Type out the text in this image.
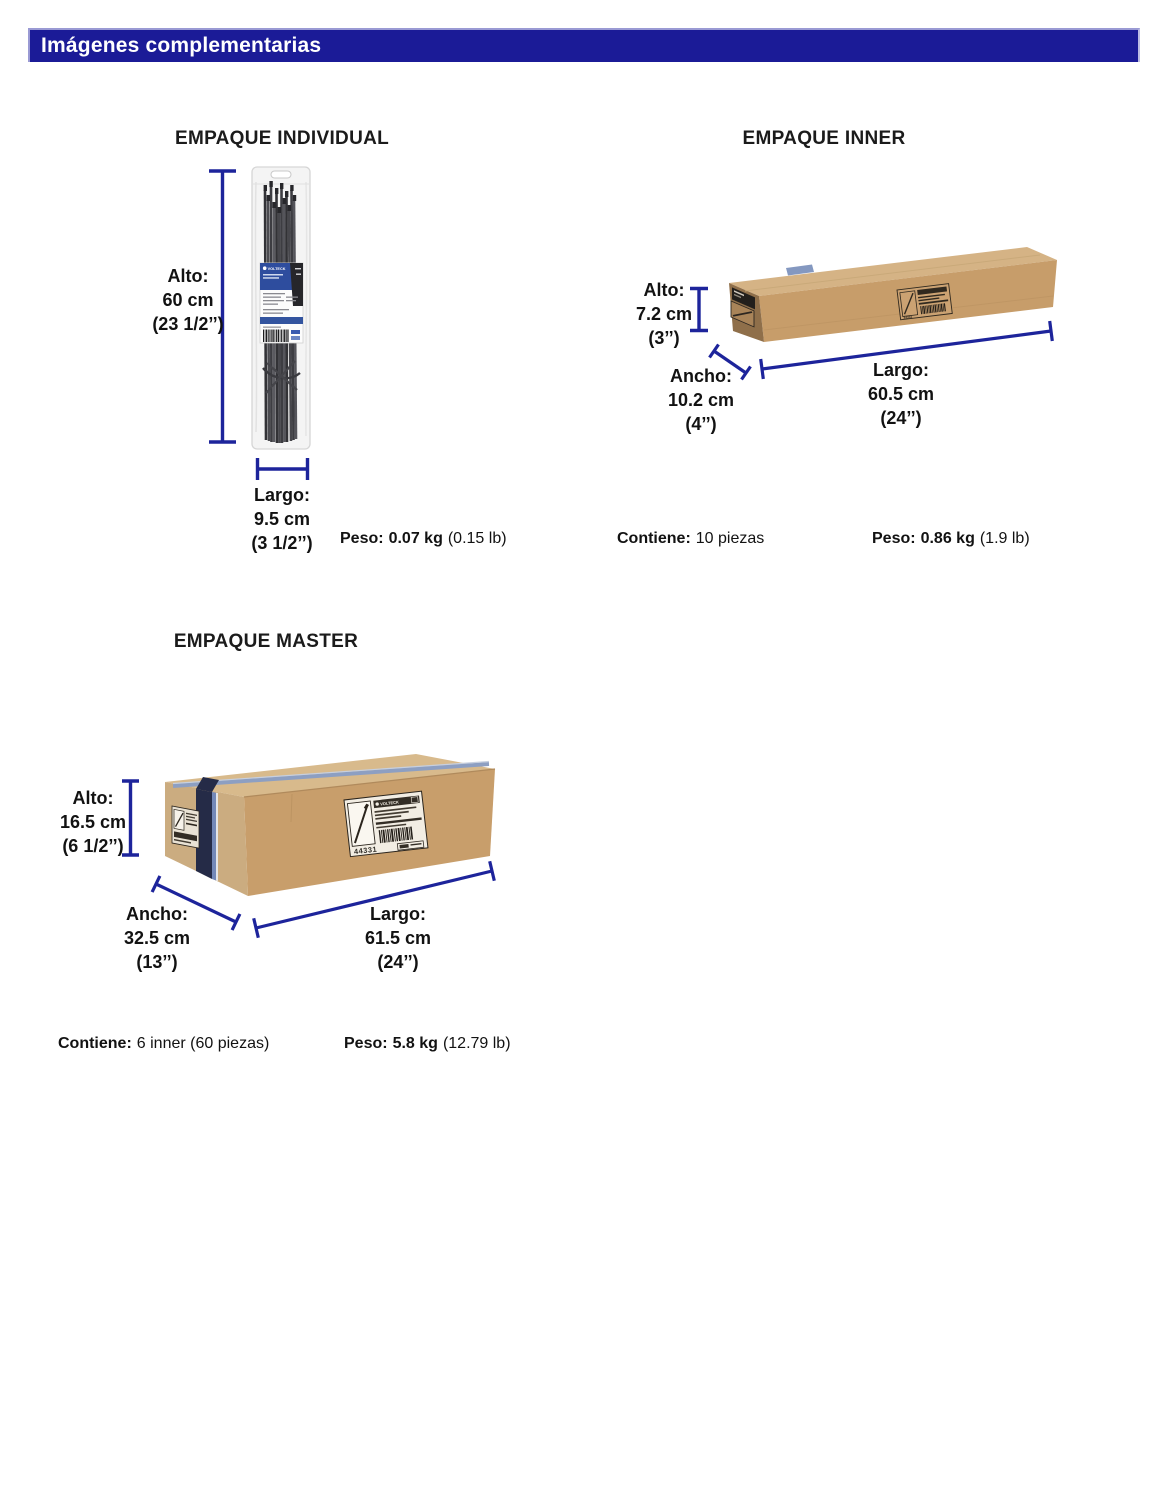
Imágenes complementarias
VOLTECK
44331
44331
VOLTECK
EMPAQUE INDIVIDUAL	EMPAQUE INNER
EMPAQUE MASTER
Alto:
60 cm
(23 1/2’’)
Largo:
9.5 cm
(3 1/2’’) Peso: 0.07 kg (0.15 lb)
Alto:
7.2 cm
(3’’)
Ancho:
10.2 cm
(4’’)
Largo:
60.5 cm
(24’’)
Contiene: 10 piezas	Peso: 0.86 kg (1.9 lb)
Alto:
16.5 cm
(6 1/2’’)
Ancho:
32.5 cm
(13’’)
Largo:
61.5 cm
(24’’)
Contiene: 6 inner (60 piezas)	Peso: 5.8 kg (12.79 lb)
